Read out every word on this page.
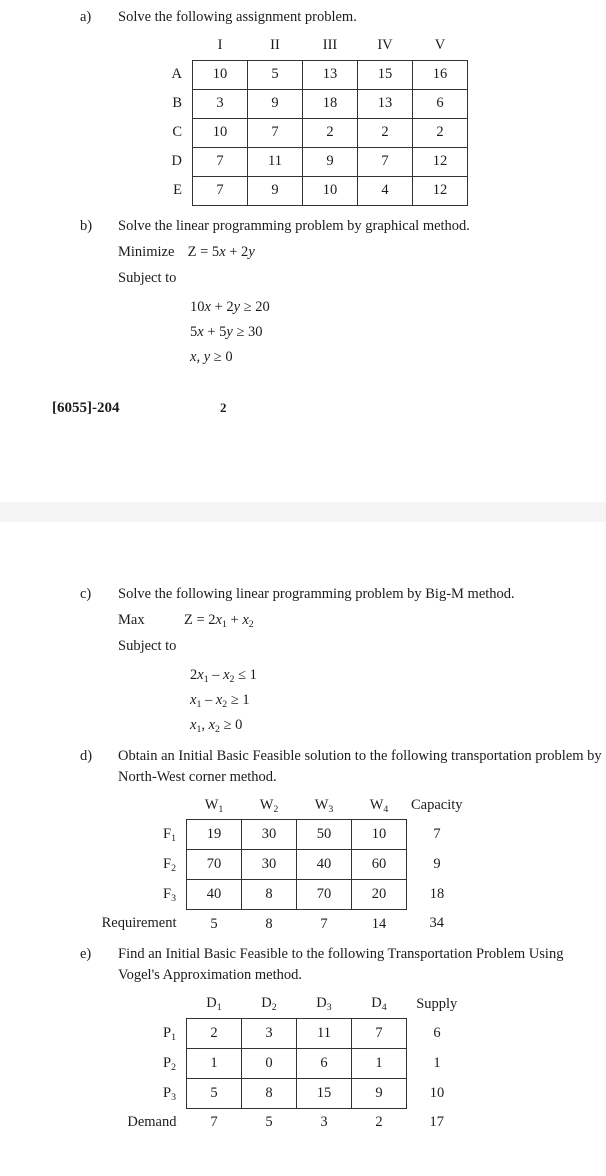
a)	Solve the following assignment problem.
	I	II	III	IV	V
A	10	5	13	15	16
B	3	9	18	13	6
C	10	7	2	2	2
D	7	11	9	7	12
E	7	9	10	4	12
b)	Solve the linear programming problem by graphical method.
Minimize Z = 5x + 2y
Subject to
10x + 2y ≥ 20
5x + 5y ≥ 30
x, y ≥ 0
[6055]-204	2
c)	Solve the following linear programming problem by Big-M method.
Max	$Z = 2x_1 + x_2$
Subject to
$2x_1 - x_2 \le 1$
$x_1 - x_2 \ge 1$
$x_1$, $x_2 \ge 0$
d)	Obtain an Initial Basic Feasible solution to the following transportation problem by North-West corner method.
	$W_1$	$W_2$	$W_3$	$W_4$	Capacity
$F_1$	19	30	50	10	7
$F_2$	70	30	40	60	9
$F_3$	40	8	70	20	18
Requirement	5	8	7	14	34
e)	Find an Initial Basic Feasible to the following Transportation Problem Using Vogel's Approximation method.
	$D_1$	$D_2$	$D_3$	$D_4$	Supply
$P_1$	2	3	11	7	6
$P_2$	1	0	6	1	1
$P_3$	5	8	15	9	10
Demand	7	5	3	2	17
